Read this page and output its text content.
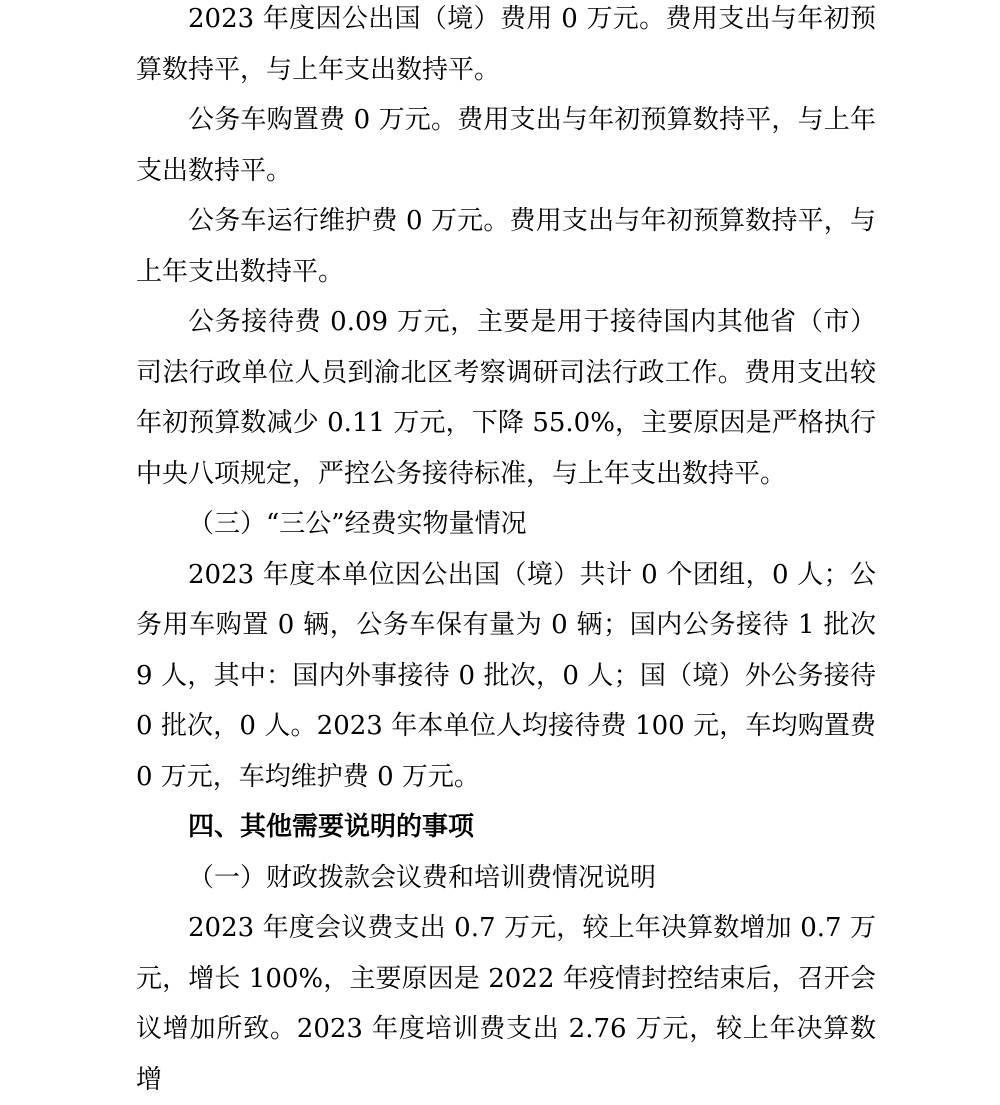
2023 年度因公出国（境）费用 0 万元。费用支出与年初预算数持平，与上年支出数持平。

公务车购置费 0 万元。费用支出与年初预算数持平，与上年支出数持平。

公务车运行维护费 0 万元。费用支出与年初预算数持平，与上年支出数持平。

公务接待费 0.09 万元，主要是用于接待国内其他省（市）司法行政单位人员到渝北区考察调研司法行政工作。费用支出较年初预算数减少 0.11 万元，下降 55.0%，主要原因是严格执行中央八项规定，严控公务接待标准，与上年支出数持平。

（三）“三公”经费实物量情况

2023 年度本单位因公出国（境）共计 0 个团组，0 人；公务用车购置 0 辆，公务车保有量为 0 辆；国内公务接待 1 批次 9 人，其中：国内外事接待 0 批次，0 人；国（境）外公务接待 0 批次，0 人。2023 年本单位人均接待费 100 元，车均购置费 0 万元，车均维护费 0 万元。

四、其他需要说明的事项

（一）财政拨款会议费和培训费情况说明

2023 年度会议费支出 0.7 万元，较上年决算数增加 0.7 万元，增长 100%，主要原因是 2022 年疫情封控结束后，召开会议增加所致。2023 年度培训费支出 2.76 万元，较上年决算数增
